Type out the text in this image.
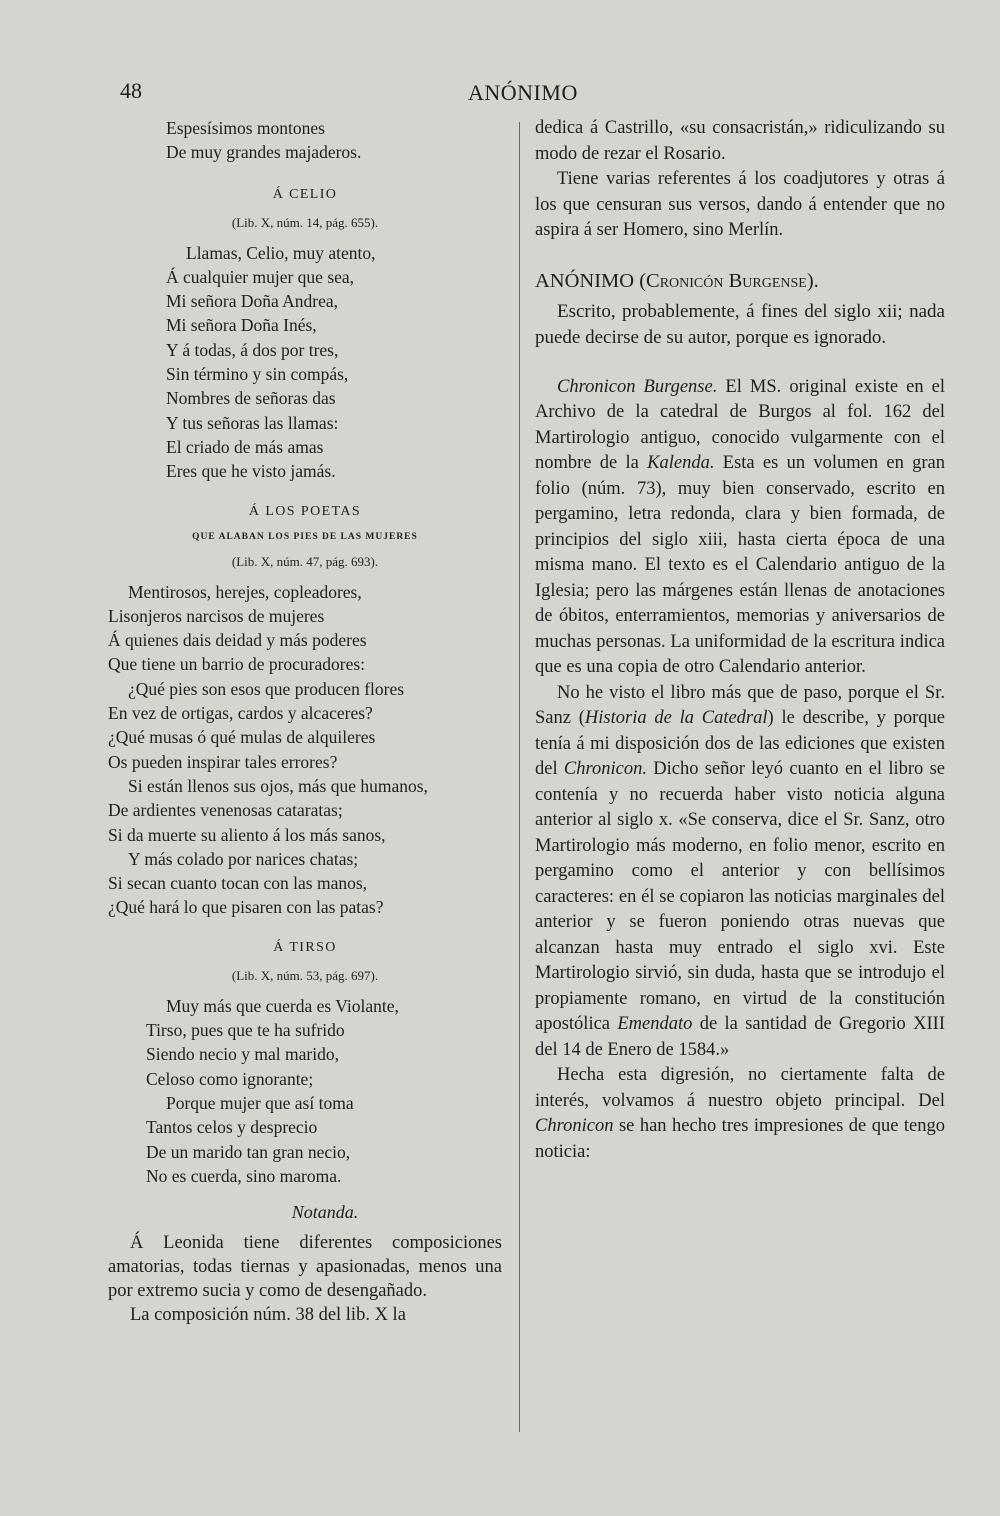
48	ANÓNIMO
Espesísimos montones
De muy grandes majaderos.
Á CELIO
(Lib. X, núm. 14, pág. 655).
Llamas, Celio, muy atento,
Á cualquier mujer que sea,
Mi señora Doña Andrea,
Mi señora Doña Inés,
Y á todas, á dos por tres,
Sin término y sin compás,
Nombres de señoras das
Y tus señoras las llamas:
El criado de más amas
Eres que he visto jamás.
Á LOS POETAS
QUE ALABAN LOS PIES DE LAS MUJERES
(Lib. X, núm. 47, pág. 693).
Mentirosos, herejes, copleadores,
Lisonjeros narcisos de mujeres
Á quienes dais deidad y más poderes
Que tiene un barrio de procuradores:
¿Qué pies son esos que producen flores
En vez de ortigas, cardos y alcaceres?
¿Qué musas ó qué mulas de alquileres
Os pueden inspirar tales errores?
Si están llenos sus ojos, más que humanos,
De ardientes venenosas cataratas;
Si da muerte su aliento á los más sanos,
Y más colado por narices chatas;
Si secan cuanto tocan con las manos,
¿Qué hará lo que pisaren con las patas?
Á TIRSO
(Lib. X, núm. 53, pág. 697).
Muy más que cuerda es Violante,
Tirso, pues que te ha sufrido
Siendo necio y mal marido,
Celoso como ignorante;
Porque mujer que así toma
Tantos celos y desprecio
De un marido tan gran necio,
No es cuerda, sino maroma.
Notanda.

Á Leonida tiene diferentes composiciones amatorias, todas tiernas y apasionadas, menos una por extremo sucia y como de desengañado.

La composición núm. 38 del lib. X la

dedica á Castrillo, «su consacristán,» ridiculizando su modo de rezar el Rosario.

Tiene varias referentes á los coadjutores y otras á los que censuran sus versos, dando á entender que no aspira á ser Homero, sino Merlín.

ANÓNIMO (Cronicón Burgense).

Escrito, probablemente, á fines del siglo xii; nada puede decirse de su autor, porque es ignorado.

Chronicon Burgense. El MS. original existe en el Archivo de la catedral de Burgos al fol. 162 del Martirologio antiguo, conocido vulgarmente con el nombre de la Kalenda. Esta es un volumen en gran folio (núm. 73), muy bien conservado, escrito en pergamino, letra redonda, clara y bien formada, de principios del siglo xiii, hasta cierta época de una misma mano. El texto es el Calendario antiguo de la Iglesia; pero las márgenes están llenas de anotaciones de óbitos, enterramientos, memorias y aniversarios de muchas personas. La uniformidad de la escritura indica que es una copia de otro Calendario anterior.

No he visto el libro más que de paso, porque el Sr. Sanz (Historia de la Catedral) le describe, y porque tenía á mi disposición dos de las ediciones que existen del Chronicon. Dicho señor leyó cuanto en el libro se contenía y no recuerda haber visto noticia alguna anterior al siglo x. «Se conserva, dice el Sr. Sanz, otro Martirologio más moderno, en folio menor, escrito en pergamino como el anterior y con bellísimos caracteres: en él se copiaron las noticias marginales del anterior y se fueron poniendo otras nuevas que alcanzan hasta muy entrado el siglo xvi. Este Martirologio sirvió, sin duda, hasta que se introdujo el propiamente romano, en virtud de la constitución apostólica Emendato de la santidad de Gregorio XIII del 14 de Enero de 1584.»

Hecha esta digresión, no ciertamente falta de interés, volvamos á nuestro objeto principal. Del Chronicon se han hecho tres impresiones de que tengo noticia:
